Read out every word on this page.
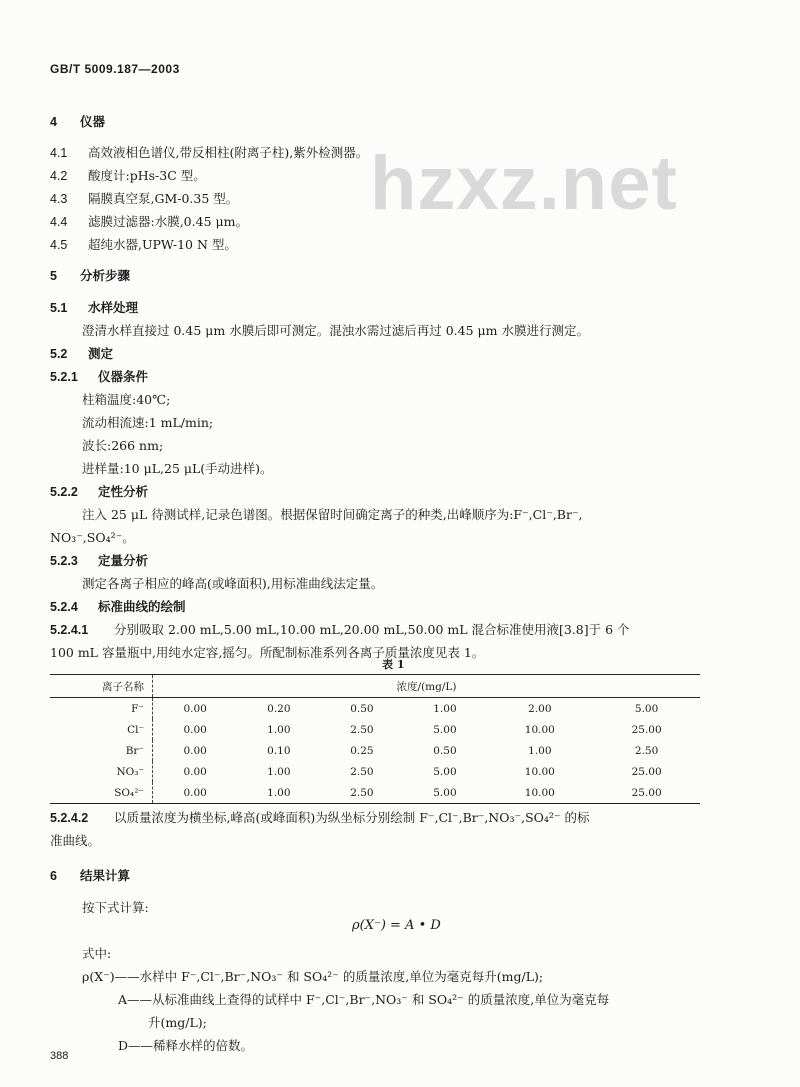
GB/T 5009.187—2003
hzxz.net
4 仪器
4.1 高效液相色谱仪,带反相柱(附离子柱),紫外检测器。
4.2 酸度计:pHs-3C 型。
4.3 隔膜真空泵,GM-0.35 型。
4.4 滤膜过滤器:水膜,0.45 μm。
4.5 超纯水器,UPW-10 N 型。
5 分析步骤
5.1 水样处理
澄清水样直接过 0.45 μm 水膜后即可测定。混浊水需过滤后再过 0.45 μm 水膜进行测定。
5.2 测定
5.2.1 仪器条件
柱箱温度:40℃;
流动相流速:1 mL/min;
波长:266 nm;
进样量:10 μL,25 μL(手动进样)。
5.2.2 定性分析
注入 25 μL 待测试样,记录色谱图。根据保留时间确定离子的种类,出峰顺序为:F⁻,Cl⁻,Br⁻,
NO₃⁻,SO₄²⁻。
5.2.3 定量分析
测定各离子相应的峰高(或峰面积),用标准曲线法定量。
5.2.4 标准曲线的绘制
5.2.4.1 分别吸取 2.00 mL,5.00 mL,10.00 mL,20.00 mL,50.00 mL 混合标准使用液[3.8]于 6 个
100 mL 容量瓶中,用纯水定容,摇匀。所配制标准系列各离子质量浓度见表 1。
表 1
离子名称	浓度/(mg/L)					
F⁻	0.00	0.20	0.50	1.00	2.00	5.00
Cl⁻	0.00	1.00	2.50	5.00	10.00	25.00
Br⁻	0.00	0.10	0.25	0.50	1.00	2.50
NO₃⁻	0.00	1.00	2.50	5.00	10.00	25.00
SO₄²⁻	0.00	1.00	2.50	5.00	10.00	25.00
5.2.4.2 以质量浓度为横坐标,峰高(或峰面积)为纵坐标分别绘制 F⁻,Cl⁻,Br⁻,NO₃⁻,SO₄²⁻ 的标
准曲线。
6 结果计算
按下式计算:
ρ(X⁻) = A • D
式中:
ρ(X⁻)——水样中 F⁻,Cl⁻,Br⁻,NO₃⁻ 和 SO₄²⁻ 的质量浓度,单位为毫克每升(mg/L);
A——从标准曲线上查得的试样中 F⁻,Cl⁻,Br⁻,NO₃⁻ 和 SO₄²⁻ 的质量浓度,单位为毫克每
升(mg/L);
D——稀释水样的倍数。
388
